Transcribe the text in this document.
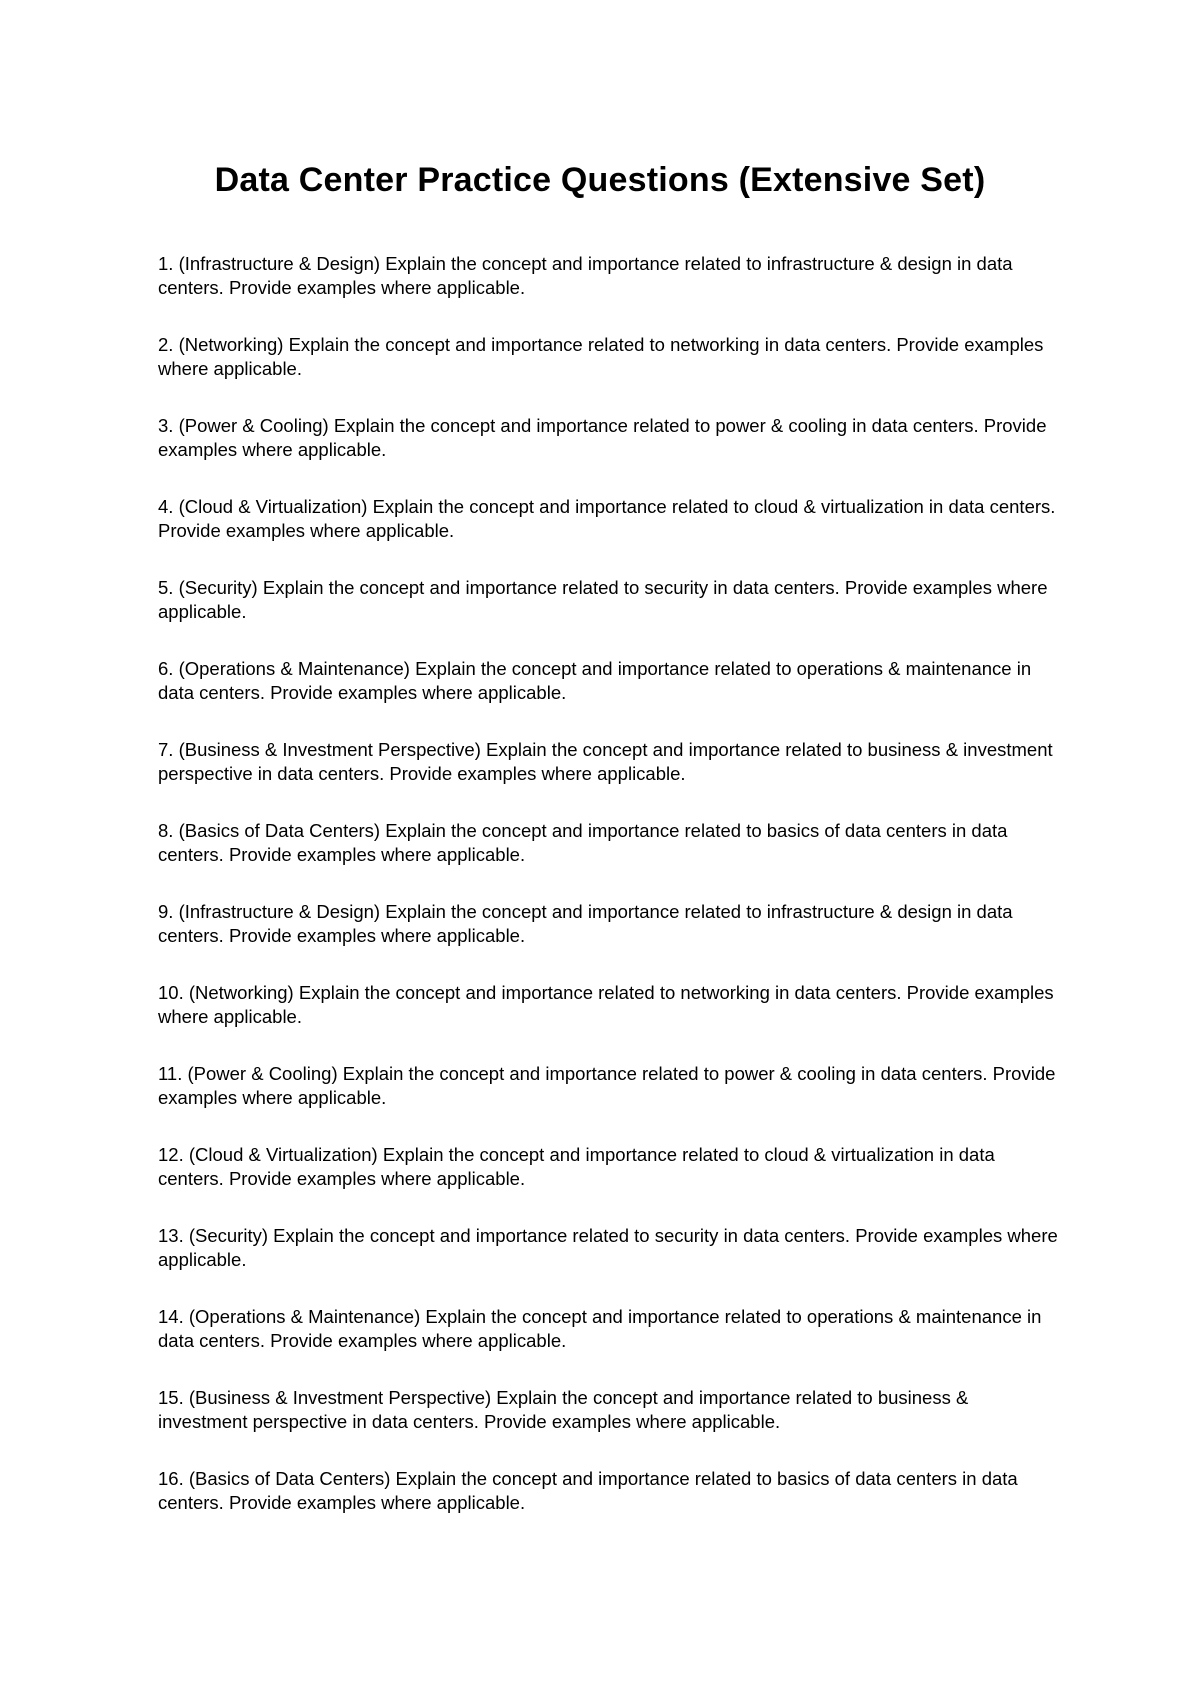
Data Center Practice Questions (Extensive Set)
1. (Infrastructure & Design) Explain the concept and importance related to infrastructure & design in data centers. Provide examples where applicable.
2. (Networking) Explain the concept and importance related to networking in data centers. Provide examples where applicable.
3. (Power & Cooling) Explain the concept and importance related to power & cooling in data centers. Provide examples where applicable.
4. (Cloud & Virtualization) Explain the concept and importance related to cloud & virtualization in data centers. Provide examples where applicable.
5. (Security) Explain the concept and importance related to security in data centers. Provide examples where applicable.
6. (Operations & Maintenance) Explain the concept and importance related to operations & maintenance in data centers. Provide examples where applicable.
7. (Business & Investment Perspective) Explain the concept and importance related to business & investment perspective in data centers. Provide examples where applicable.
8. (Basics of Data Centers) Explain the concept and importance related to basics of data centers in data centers. Provide examples where applicable.
9. (Infrastructure & Design) Explain the concept and importance related to infrastructure & design in data centers. Provide examples where applicable.
10. (Networking) Explain the concept and importance related to networking in data centers. Provide examples where applicable.
11. (Power & Cooling) Explain the concept and importance related to power & cooling in data centers. Provide examples where applicable.
12. (Cloud & Virtualization) Explain the concept and importance related to cloud & virtualization in data centers. Provide examples where applicable.
13. (Security) Explain the concept and importance related to security in data centers. Provide examples where applicable.
14. (Operations & Maintenance) Explain the concept and importance related to operations & maintenance in data centers. Provide examples where applicable.
15. (Business & Investment Perspective) Explain the concept and importance related to business & investment perspective in data centers. Provide examples where applicable.
16. (Basics of Data Centers) Explain the concept and importance related to basics of data centers in data centers. Provide examples where applicable.
